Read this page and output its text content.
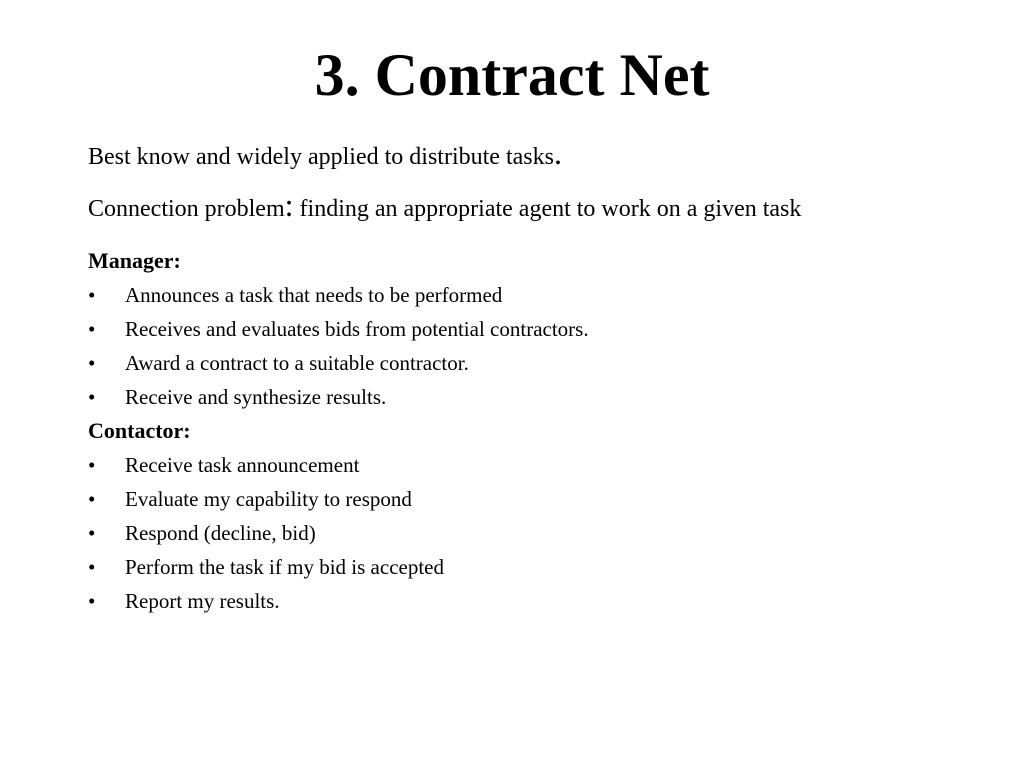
3. Contract Net

Best know and widely applied to distribute tasks.

Connection problem: finding an appropriate agent to work on a given task

Manager:
• Announces a task that needs to be performed
• Receives and evaluates bids from potential contractors.
• Award a contract to a suitable contractor.
• Receive and synthesize results.
Contactor:
• Receive task announcement
• Evaluate my capability to respond
• Respond (decline, bid)
• Perform the task if my bid is accepted
• Report my results.
